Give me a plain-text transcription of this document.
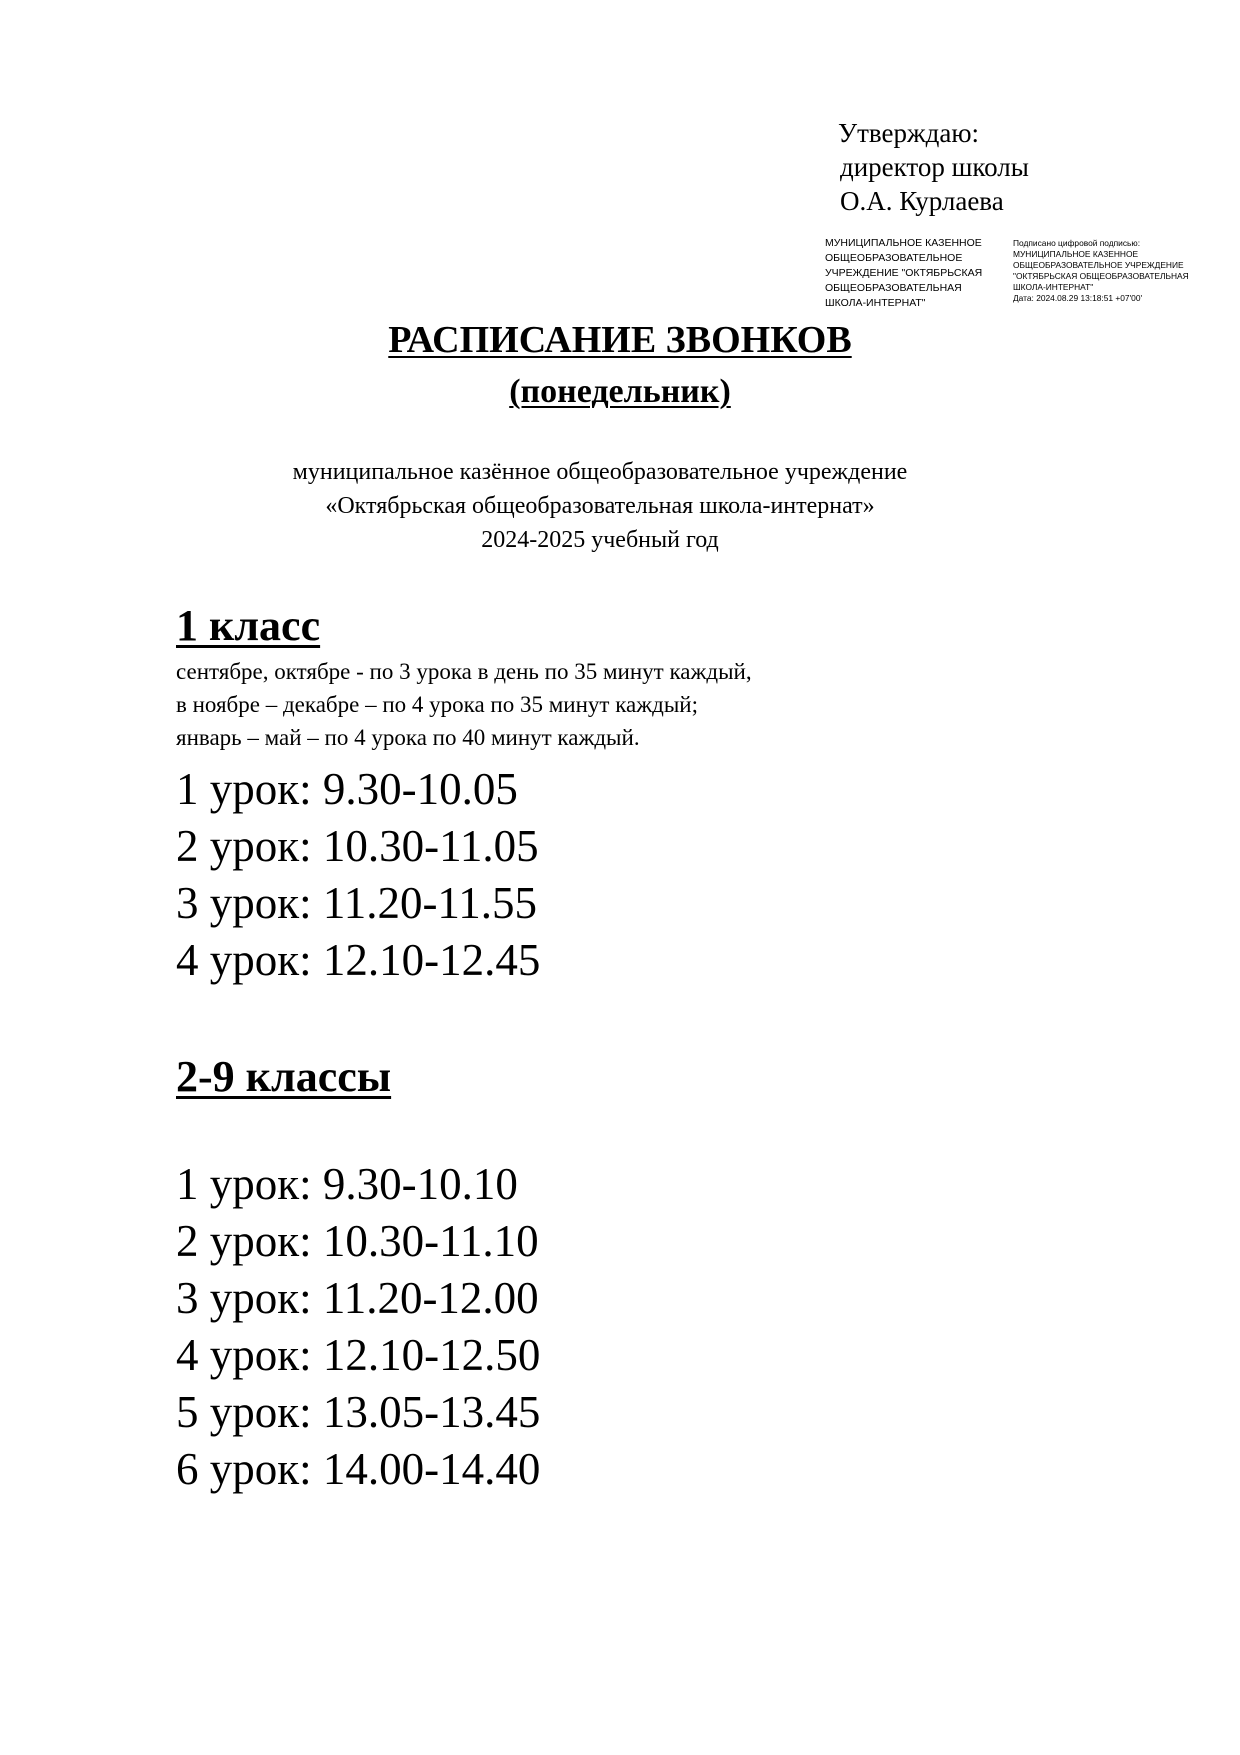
Утверждаю:
директор школы
О.А. Курлаева
МУНИЦИПАЛЬНОЕ КАЗЕННОЕ
ОБЩЕОБРАЗОВАТЕЛЬНОЕ
УЧРЕЖДЕНИЕ "ОКТЯБРЬСКАЯ
ОБЩЕОБРАЗОВАТЕЛЬНАЯ
ШКОЛА-ИНТЕРНАТ"
Подписано цифровой подписью:
МУНИЦИПАЛЬНОЕ КАЗЕННОЕ
ОБЩЕОБРАЗОВАТЕЛЬНОЕ УЧРЕЖДЕНИЕ
"ОКТЯБРЬСКАЯ ОБЩЕОБРАЗОВАТЕЛЬНАЯ
ШКОЛА-ИНТЕРНАТ"
Дата: 2024.08.29 13:18:51 +07'00'
РАСПИСАНИЕ ЗВОНКОВ
(понедельник)
муниципальное казённое общеобразовательное учреждение
«Октябрьская общеобразовательная школа-интернат»
2024-2025 учебный год
1 класс
сентябре, октябре - по 3 урока в день по 35 минут каждый,
в ноябре – декабре – по 4 урока по 35 минут каждый;
январь – май – по 4 урока по 40 минут каждый.
1 урок: 9.30-10.05
2 урок: 10.30-11.05
3 урок: 11.20-11.55
4 урок: 12.10-12.45
2-9 классы
1 урок: 9.30-10.10
2 урок: 10.30-11.10
3 урок: 11.20-12.00
4 урок: 12.10-12.50
5 урок: 13.05-13.45
6 урок: 14.00-14.40
